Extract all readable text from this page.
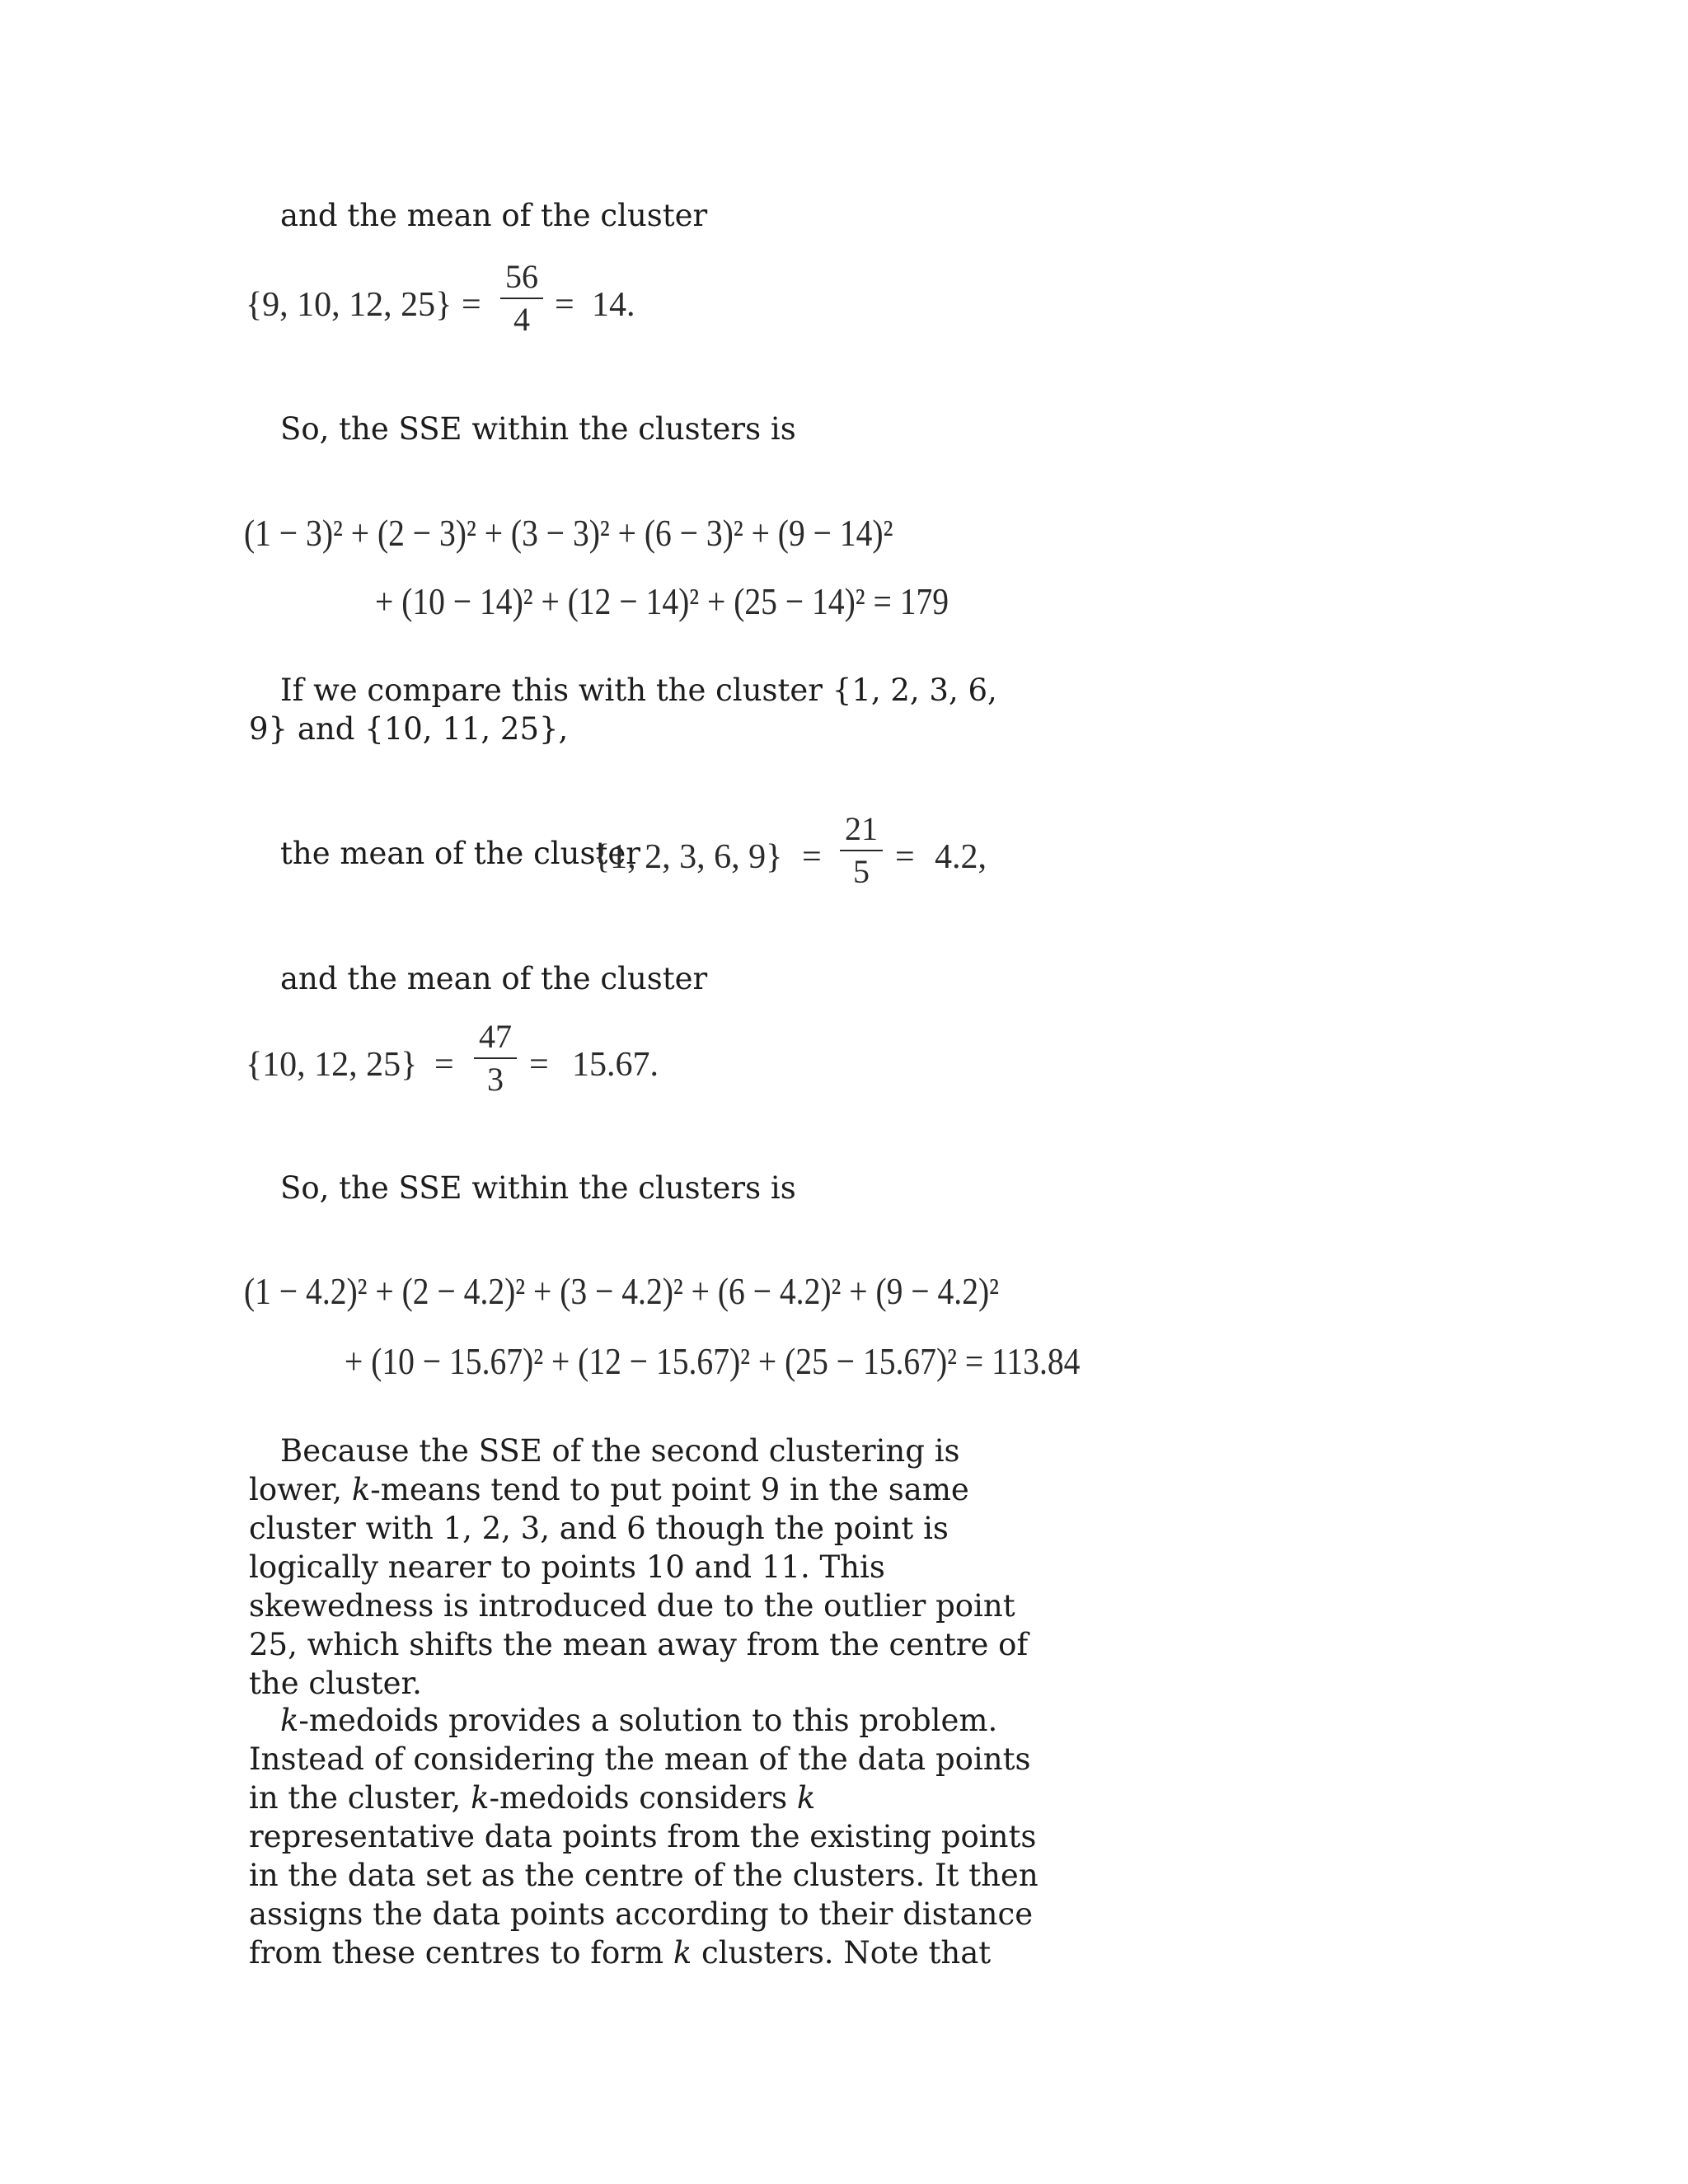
and the mean of the cluster

{9, 10, 12, 25} =
56
4 = 14.

So, the SSE within the clusters is

(1 − 3)² + (2 − 3)² + (3 − 3)² + (6 − 3)² + (9 − 14)²
+ (10 − 14)² + (12 − 14)² + (25 − 14)² = 179

If we compare this with the cluster {1, 2, 3, 6, 9} and {10, 11, 25},

the mean of the cluster

{1, 2, 3, 6, 9} =
21
5 = 4.2,

and the mean of the cluster

{10, 12, 25} =
47
3 = 15.67.

So, the SSE within the clusters is

(1 − 4.2)² + (2 − 4.2)² + (3 − 4.2)² + (6 − 4.2)² + (9 − 4.2)²
+ (10 − 15.67)² + (12 − 15.67)² + (25 − 15.67)² = 113.84

Because the SSE of the second clustering is lower, k-means tend to put point 9 in the same cluster with 1, 2, 3, and 6 though the point is logically nearer to points 10 and 11. This skewedness is introduced due to the outlier point 25, which shifts the mean away from the centre of the cluster.

k-medoids provides a solution to this problem. Instead of considering the mean of the data points in the cluster, k-medoids considers k representative data points from the existing points in the data set as the centre of the clusters. It then assigns the data points according to their distance from these centres to form k clusters. Note that
